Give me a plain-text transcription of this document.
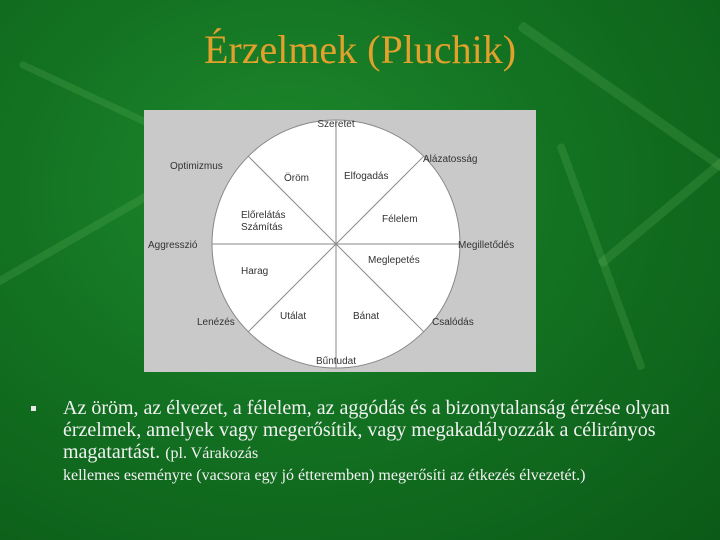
Érzelmek (Pluchik)
Szeretet
Alázatosság
Megilletődés
Csalódás
Bűntudat
Lenézés
Aggresszió
Optimizmus
Öröm	Elfogadás
Félelem
Meglepetés
Bánat
Utálat
Harag
Előrelátás
Számítás
Az öröm, az élvezet, a félelem, az aggódás és a bizonytalanság érzése olyan érzelmek, amelyek vagy megerősítik, vagy megakadályozzák a célirányos magatartást. (pl. Várakozás
kellemes eseményre (vacsora egy jó étteremben) megerősíti az étkezés élvezetét.)
